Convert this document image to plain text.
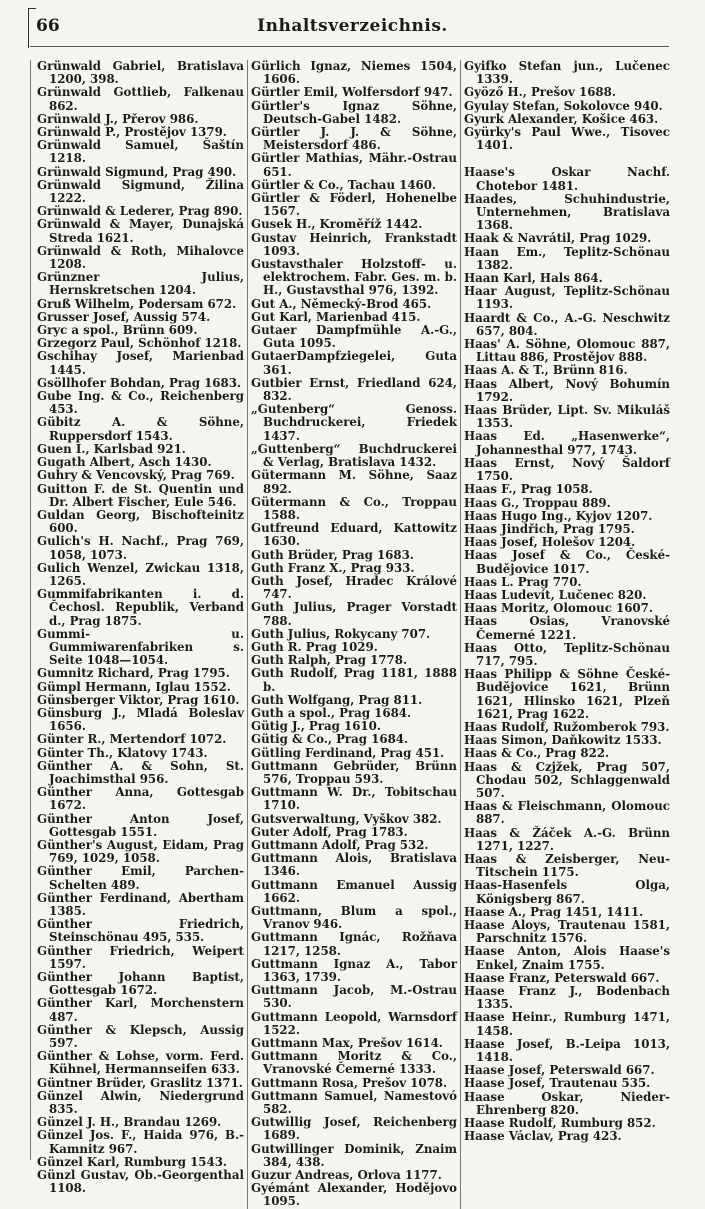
66	Inhaltsverzeichnis.
Grünwald Gabriel, Bratislava 1200, 398.
Grünwald Gottlieb, Falkenau 862.
Grünwald J., Přerov 986.
Grünwald P., Prostějov 1379.
Grünwald Samuel, Šaštín 1218.
Grünwald Sigmund, Prag 490.
Grünwald Sigmund, Žilina 1222.
Grünwald & Lederer, Prag 890.
Grünwald & Mayer, Dunajská Streda 1621.
Grünwald & Roth, Mihalovce 1208.
Grünzner Julius, Hernskretschen 1204.
Gruß Wilhelm, Podersam 672.
Grusser Josef, Aussig 574.
Gryc a spol., Brünn 609.
Grzegorz Paul, Schönhof 1218.
Gschihay Josef, Marienbad 1445.
Gsöllhofer Bohdan, Prag 1683.
Gube Ing. & Co., Reichenberg 453.
Gübitz A. & Söhne, Ruppersdorf 1543.
Guen I., Karlsbad 921.
Gugath Albert, Asch 1430.
Guhry & Vencovský, Prag 769.
Guitton F. de St. Quentin und Dr. Albert Fischer, Eule 546.
Guldan Georg, Bischofteinitz 600.
Gulich's H. Nachf., Prag 769, 1058, 1073.
Gulich Wenzel, Zwickau 1318, 1265.
Gummifabrikanten i. d. Čechosl. Republik, Verband d., Prag 1875.
Gummi- u. Gummiwarenfabriken s. Seite 1048—1054.
Gumnitz Richard, Prag 1795.
Gümpl Hermann, Iglau 1552.
Günsberger Viktor, Prag 1610.
Günsburg J., Mladá Boleslav 1656.
Günter R., Mertendorf 1072.
Günter Th., Klatovy 1743.
Günther A. & Sohn, St. Joachimsthal 956.
Günther Anna, Gottesgab 1672.
Günther Anton Josef, Gottesgab 1551.
Günther's August, Eidam, Prag 769, 1029, 1058.
Günther Emil, Parchen-Schelten 489.
Günther Ferdinand, Abertham 1385.
Günther Friedrich, Steinschönau 495, 535.
Günther Friedrich, Weipert 1597.
Günther Johann Baptist, Gottesgab 1672.
Günther Karl, Morchenstern 487.
Günther & Klepsch, Aussig 597.
Günther & Lohse, vorm. Ferd. Kühnel, Hermannseifen 633.
Güntner Brüder, Graslitz 1371.
Günzel Alwin, Niedergrund 835.
Günzel J. H., Brandau 1269.
Günzel Jos. F., Haida 976, B.-Kamnitz 967.
Günzel Karl, Rumburg 1543.
Günzl Gustav, Ob.-Georgenthal 1108.
Gürlich Ignaz, Niemes 1504, 1606.
Gürtler Emil, Wolfersdorf 947.
Gürtler's Ignaz Söhne, Deutsch-Gabel 1482.
Gürtler J. J. & Söhne, Meistersdorf 486.
Gürtler Mathias, Mähr.-Ostrau 651.
Gürtler & Co., Tachau 1460.
Gürtler & Föderl, Hohenelbe 1567.
Gusek H., Kroměříž 1442.
Gustav Heinrich, Frankstadt 1093.
Gustavsthaler Holzstoff- u. elektrochem. Fabr. Ges. m. b. H., Gustavsthal 976, 1392.
Gut A., Německý-Brod 465.
Gut Karl, Marienbad 415.
Gutaer Dampfmühle A.-G., Guta 1095.
GutaerDampfziegelei, Guta 361.
Gutbier Ernst, Friedland 624, 832.
„Gutenberg“ Genoss. Buchdruckerei, Friedek 1437.
„Guttenberg“ Buchdruckerei & Verlag, Bratislava 1432.
Gütermann M. Söhne, Saaz 892.
Gütermann & Co., Troppau 1588.
Gutfreund Eduard, Kattowitz 1630.
Guth Brüder, Prag 1683.
Guth Franz X., Prag 933.
Guth Josef, Hradec Králové 747.
Guth Julius, Prager Vorstadt 788.
Guth Julius, Rokycany 707.
Guth R. Prag 1029.
Guth Ralph, Prag 1778.
Guth Rudolf, Prag 1181, 1888 b.
Guth Wolfgang, Prag 811.
Guth a spol., Prag 1684.
Gütig J., Prag 1610.
Gütig & Co., Prag 1684.
Gütling Ferdinand, Prag 451.
Guttmann Gebrüder, Brünn 576, Troppau 593.
Guttmann W. Dr., Tobitschau 1710.
Gutsverwaltung, Vyškov 382.
Guter Adolf, Prag 1783.
Guttmann Adolf, Prag 532.
Guttmann Alois, Bratislava 1346.
Guttmann Emanuel Aussig 1662.
Guttmann, Blum a spol., Vranov 946.
Guttmann Ignác, Rožňava 1217, 1258.
Guttmann Ignaz A., Tabor 1363, 1739.
Guttmann Jacob, M.-Ostrau 530.
Guttmann Leopold, Warnsdorf 1522.
Guttmann Max, Prešov 1614.
Guttmann Moritz & Co., Vranovské Čemerné 1333.
Guttmann Rosa, Prešov 1078.
Guttmann Samuel, Namestovó 582.
Gutwillig Josef, Reichenberg 1689.
Gutwillinger Dominik, Znaim 384, 438.
Guzur Andreas, Orlova 1177.
Gyémánt Alexander, Hodějovo 1095.
Gyifko Stefan jun., Lučenec 1339.
Gyöző H., Prešov 1688.
Gyulay Stefan, Sokolovce 940.
Gyurk Alexander, Košice 463.
Gyürky's Paul Wwe., Tisovec 1401.
Haase's Oskar Nachf. Chotebor 1481.
Haades, Schuhindustrie, Unternehmen, Bratislava 1368.
Haak & Navrátil, Prag 1029.
Haan Em., Teplitz-Schönau 1382.
Haan Karl, Hals 864.
Haar August, Teplitz-Schönau 1193.
Haardt & Co., A.-G. Neschwitz 657, 804.
Haas' A. Söhne, Olomouc 887, Littau 886, Prostějov 888.
Haas A. & T., Brünn 816.
Haas Albert, Nový Bohumín 1792.
Haas Brüder, Lipt. Sv. Mikuláš 1353.
Haas Ed. „Hasenwerke“, Johannesthal 977, 1743.
Haas Ernst, Nový Šaldorf 1750.
Haas F., Prag 1058.
Haas G., Troppau 889.
Haas Hugo Ing., Kyjov 1207.
Haas Jindřich, Prag 1795.
Haas Josef, Holešov 1204.
Haas Josef & Co., České-Budějovice 1017.
Haas L. Prag 770.
Haas Ludevít, Lučenec 820.
Haas Moritz, Olomouc 1607.
Haas Osias, Vranovské Čemerné 1221.
Haas Otto, Teplitz-Schönau 717, 795.
Haas Philipp & Söhne České-Budějovice 1621, Brünn 1621, Hlinsko 1621, Plzeň 1621, Prag 1622.
Haas Rudolf, Ružomberok 793.
Haas Simon, Daňkowitz 1533.
Haas & Co., Prag 822.
Haas & Czjžek, Prag 507, Chodau 502, Schlaggenwald 507.
Haas & Fleischmann, Olomouc 887.
Haas & Žáček A.-G. Brünn 1271, 1227.
Haas & Zeisberger, Neu-Titschein 1175.
Haas-Hasenfels Olga, Königsberg 867.
Haase A., Prag 1451, 1411.
Haase Aloys, Trautenau 1581, Parschnitz 1576.
Haase Anton, Alois Haase's Enkel, Znaim 1755.
Haase Franz, Peterswald 667.
Haase Franz J., Bodenbach 1335.
Haase Heinr., Rumburg 1471, 1458.
Haase Josef, B.-Leipa 1013, 1418.
Haase Josef, Peterswald 667.
Haase Josef, Trautenau 535.
Haase Oskar, Nieder-Ehrenberg 820.
Haase Rudolf, Rumburg 852.
Haase Václav, Prag 423.
